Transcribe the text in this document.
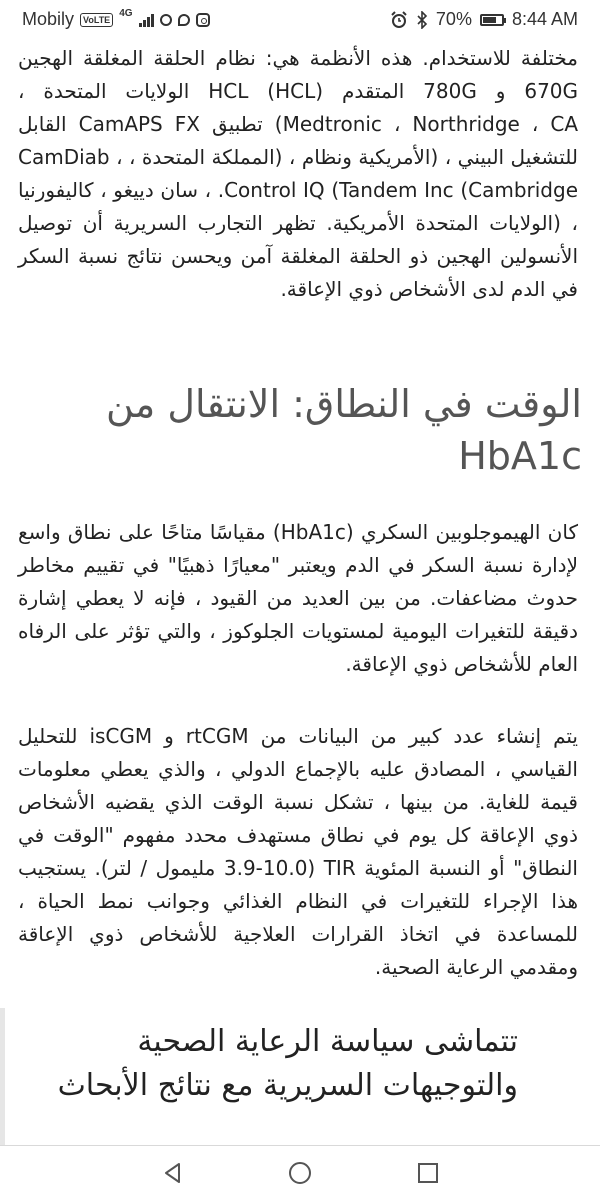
Mobily	VoLTE
4G	70% 8:44 AM

مختلفة للاستخدام. هذه الأنظمة هي: نظام الحلقة المغلقة الهجين 670G و 780G المتقدم (HCL) HCL الولايات المتحدة ، Medtronic ، Northridge ، CA) تطبيق CamAPS FX القابل للتشغيل البيني ، (الأمريكية ونظام ، (المملكة المتحدة ، CamDiab ، Cambridge) Control IQ (Tandem Inc. ، سان دييغو ، كاليفورنيا ، (الولايات المتحدة الأمريكية. تظهر التجارب السريرية أن توصيل الأنسولين الهجين ذو الحلقة المغلقة آمن ويحسن نتائج نسبة السكر في الدم لدى الأشخاص ذوي الإعاقة.

الوقت في النطاق: الانتقال من HbA1c

كان الهيموجلوبين السكري (HbA1c) مقياسًا متاحًا على نطاق واسع لإدارة نسبة السكر في الدم ويعتبر "معيارًا ذهبيًا" في تقييم مخاطر حدوث مضاعفات. من بين العديد من القيود ، فإنه لا يعطي إشارة دقيقة للتغيرات اليومية لمستويات الجلوكوز ، والتي تؤثر على الرفاه العام للأشخاص ذوي الإعاقة.

يتم إنشاء عدد كبير من البيانات من rtCGM و isCGM للتحليل القياسي ، المصادق عليه بالإجماع الدولي ، والذي يعطي معلومات قيمة للغاية. من بينها ، تشكل نسبة الوقت الذي يقضيه الأشخاص ذوي الإعاقة كل يوم في نطاق مستهدف محدد مفهوم "الوقت في النطاق" أو النسبة المئوية TIR (3.9-10.0 مليمول / لتر). يستجيب هذا الإجراء للتغيرات في النظام الغذائي وجوانب نمط الحياة ، للمساعدة في اتخاذ القرارات العلاجية للأشخاص ذوي الإعاقة ومقدمي الرعاية الصحية.

تتماشى سياسة الرعاية الصحية والتوجيهات السريرية مع نتائج الأبحاث
